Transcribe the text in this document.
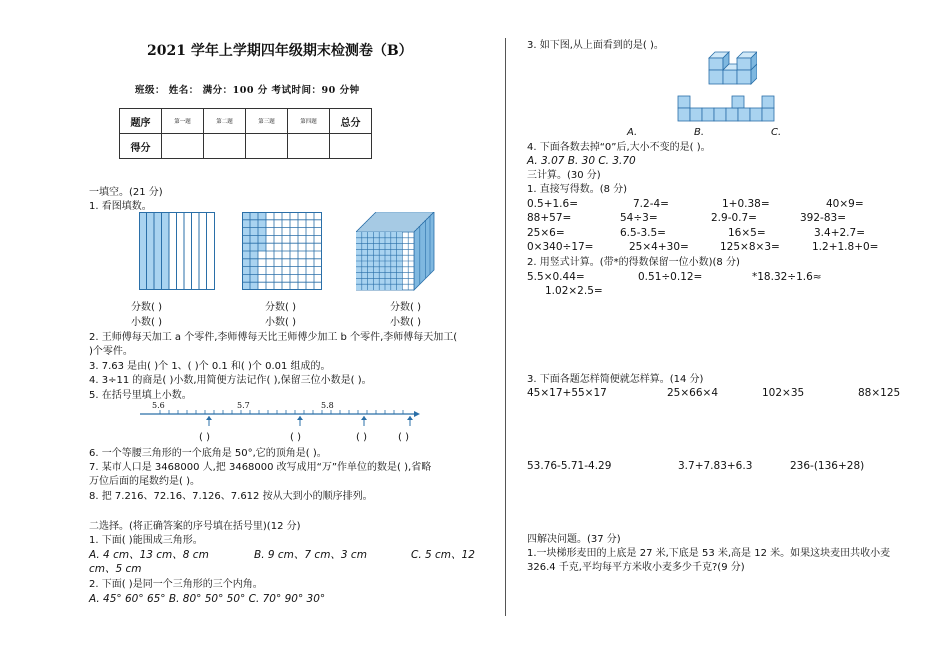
2021 学年上学期四年级期末检测卷（B）
班级： 姓名： 满分：100 分 考试时间：90 分钟
题序	第一题	第二题	第三题	第四题	总分
得分					
一填空。(21 分)
1. 看图填数。
分数( )
小数( )
分数( )
小数( )
分数( )
小数( )
2. 王师傅每天加工 a 个零件,李师傅每天比王师傅少加工 b 个零件,李师傅每天加工(
)个零件。
3. 7.63 是由( )个 1、( )个 0.1 和( )个 0.01 组成的。
4. 3÷11 的商是( )小数,用简便方法记作( ),保留三位小数是( )。
5. 在括号里填上小数。
5.6	5.7	5.8
( )	( )	( )	( )
6. 一个等腰三角形的一个底角是 50°,它的顶角是( )。
7. 某市人口是 3468000 人,把 3468000 改写成用“万”作单位的数是( ),省略
万位后面的尾数约是( )。
8. 把 7.216、72.16、7.126、7.612 按从大到小的顺序排列。
二选择。(将正确答案的序号填在括号里)(12 分)
1. 下面( )能围成三角形。
A. 4 cm、13 cm、8 cm	B. 9 cm、7 cm、3 cm	C. 5 cm、12
cm、5 cm
2. 下面( )是同一个三角形的三个内角。
A. 45° 60° 65° B. 80° 50° 50° C. 70° 90° 30°
3. 如下图,从上面看到的是( )。
A.	B.	C.
4. 下面各数去掉“0”后,大小不变的是( )。
A. 3.07 B. 30 C. 3.70
三计算。(30 分)
1. 直接写得数。(8 分)
0.5+1.6=	7.2-4=	1+0.38=	40×9=
88+57=	54÷3=	2.9-0.7=	392-83=
25×6=	6.5-3.5=	16×5=	3.4+2.7=
0×340÷17=	25×4+30=	125×8×3=	1.2+1.8+0=
2. 用竖式计算。(带*的得数保留一位小数)(8 分)
5.5×0.44=	0.51÷0.12=	*18.32÷1.6≈
1.02×2.5=
3. 下面各题怎样简便就怎样算。(14 分)
45×17+55×17	25×66×4	102×35	88×125
53.76-5.71-4.29	3.7+7.83+6.3	236-(136+28)
四解决问题。(37 分)
1.一块梯形麦田的上底是 27 米,下底是 53 米,高是 12 米。如果这块麦田共收小麦
326.4 千克,平均每平方米收小麦多少千克?(9 分)
